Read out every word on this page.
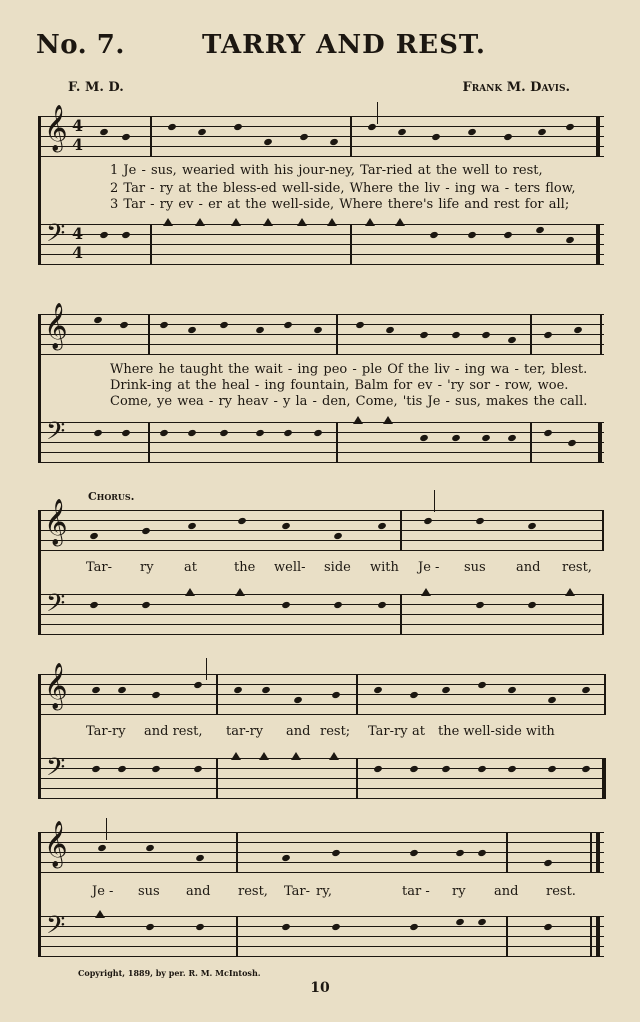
No. 7.	TARRY AND REST.
F. M. D.	Frank M. Davis.
𝄞 4
4
1 Je - sus, wearied with his jour-ney, Tar-ried at the well to rest,
2 Tar - ry at the bless-ed well-side, Where the liv - ing wa - ters flow,
3 Tar - ry ev - er at the well-side, Where there's life and rest for all;
𝄢 4
4
𝄞
Where he taught the wait - ing peo - ple Of the liv - ing wa - ter, blest.
Drink-ing at the heal - ing fountain, Balm for ev - 'ry sor - row, woe.
Come, ye wea - ry heav - y la - den, Come, 'tis Je - sus, makes the call.
𝄢
Chorus.
𝄞
Tar- ry at	the well- side with Je - sus and rest,
𝄢
𝄞
Tar-ry and rest, tar-ry and rest; Tar-ry at the well-side with
𝄢
𝄞
Je - sus and rest, Tar- ry,	tar - ry and rest.
𝄢
Copyright, 1889, by per. R. M. McIntosh.
10
